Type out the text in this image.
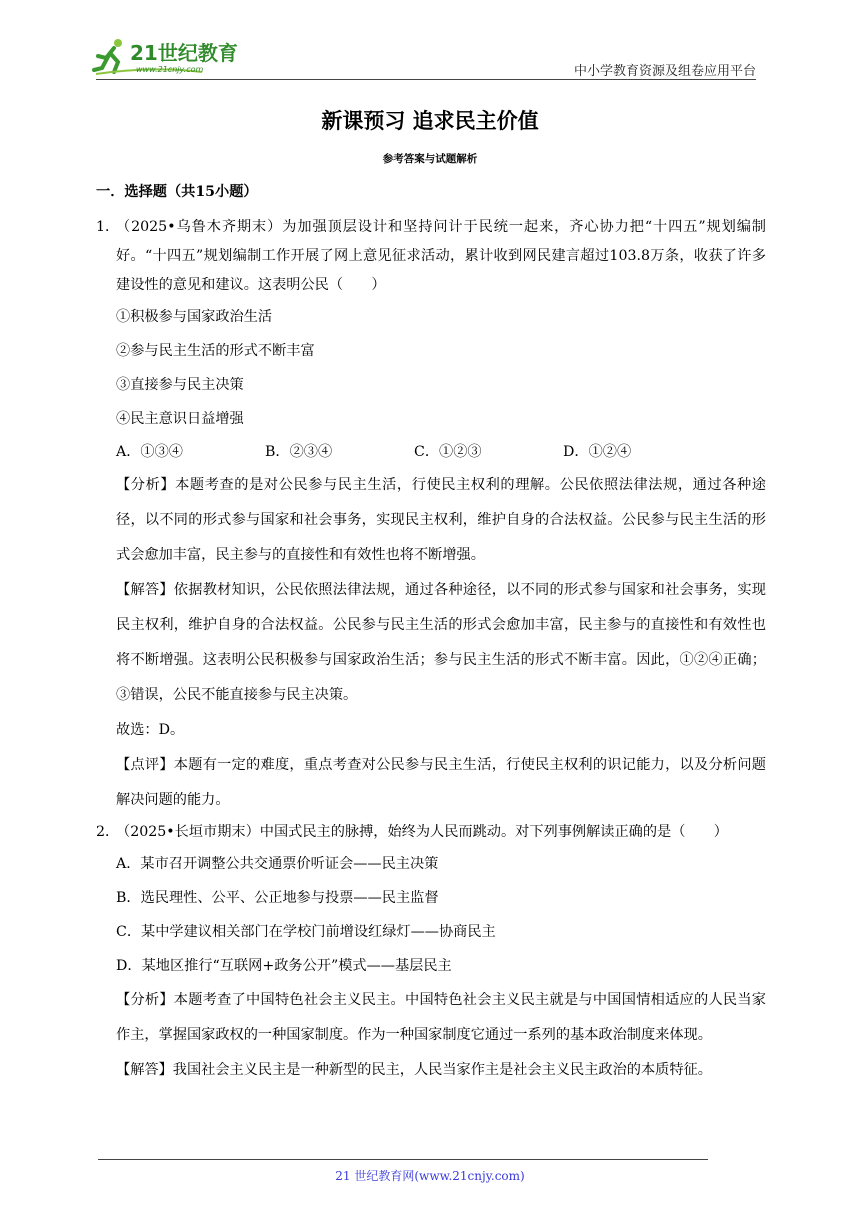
21世纪教育
www.21cnjy.com	中小学教育资源及组卷应用平台
新课预习 追求民主价值
参考答案与试题解析
一．选择题（共15小题）
1．
（2025•乌鲁木齐期末）为加强顶层设计和坚持问计于民统一起来，齐心协力把“十四五”规划编制好。“十四五”规划编制工作开展了网上意见征求活动，累计收到网民建言超过103.8万条，收获了许多建设性的意见和建议。这表明公民（　　）
①积极参与国家政治生活
②参与民主生活的形式不断丰富
③直接参与民主决策
④民主意识日益增强
A．①③④	B．②③④	C．①②③	D．①②④

【分析】本题考查的是对公民参与民主生活，行使民主权利的理解。公民依照法律法规，通过各种途径，以不同的形式参与国家和社会事务，实现民主权利，维护自身的合法权益。公民参与民主生活的形式会愈加丰富，民主参与的直接性和有效性也将不断增强。

【解答】依据教材知识，公民依照法律法规，通过各种途径，以不同的形式参与国家和社会事务，实现民主权利，维护自身的合法权益。公民参与民主生活的形式会愈加丰富，民主参与的直接性和有效性也将不断增强。这表明公民积极参与国家政治生活；参与民主生活的形式不断丰富。因此，①②④正确；③错误，公民不能直接参与民主决策。

故选：D。

【点评】本题有一定的难度，重点考查对公民参与民主生活，行使民主权利的识记能力，以及分析问题解决问题的能力。

2．
（2025•长垣市期末）中国式民主的脉搏，始终为人民而跳动。对下列事例解读正确的是（　　）
A．某市召开调整公共交通票价听证会——民主决策
B．选民理性、公平、公正地参与投票——民主监督
C．某中学建议相关部门在学校门前增设红绿灯——协商民主
D．某地区推行“互联网+政务公开”模式——基层民主

【分析】本题考查了中国特色社会主义民主。中国特色社会主义民主就是与中国国情相适应的人民当家作主，掌握国家政权的一种国家制度。作为一种国家制度它通过一系列的基本政治制度来体现。

【解答】我国社会主义民主是一种新型的民主，人民当家作主是社会主义民主政治的本质特征。

21 世纪教育网(www.21cnjy.com)
